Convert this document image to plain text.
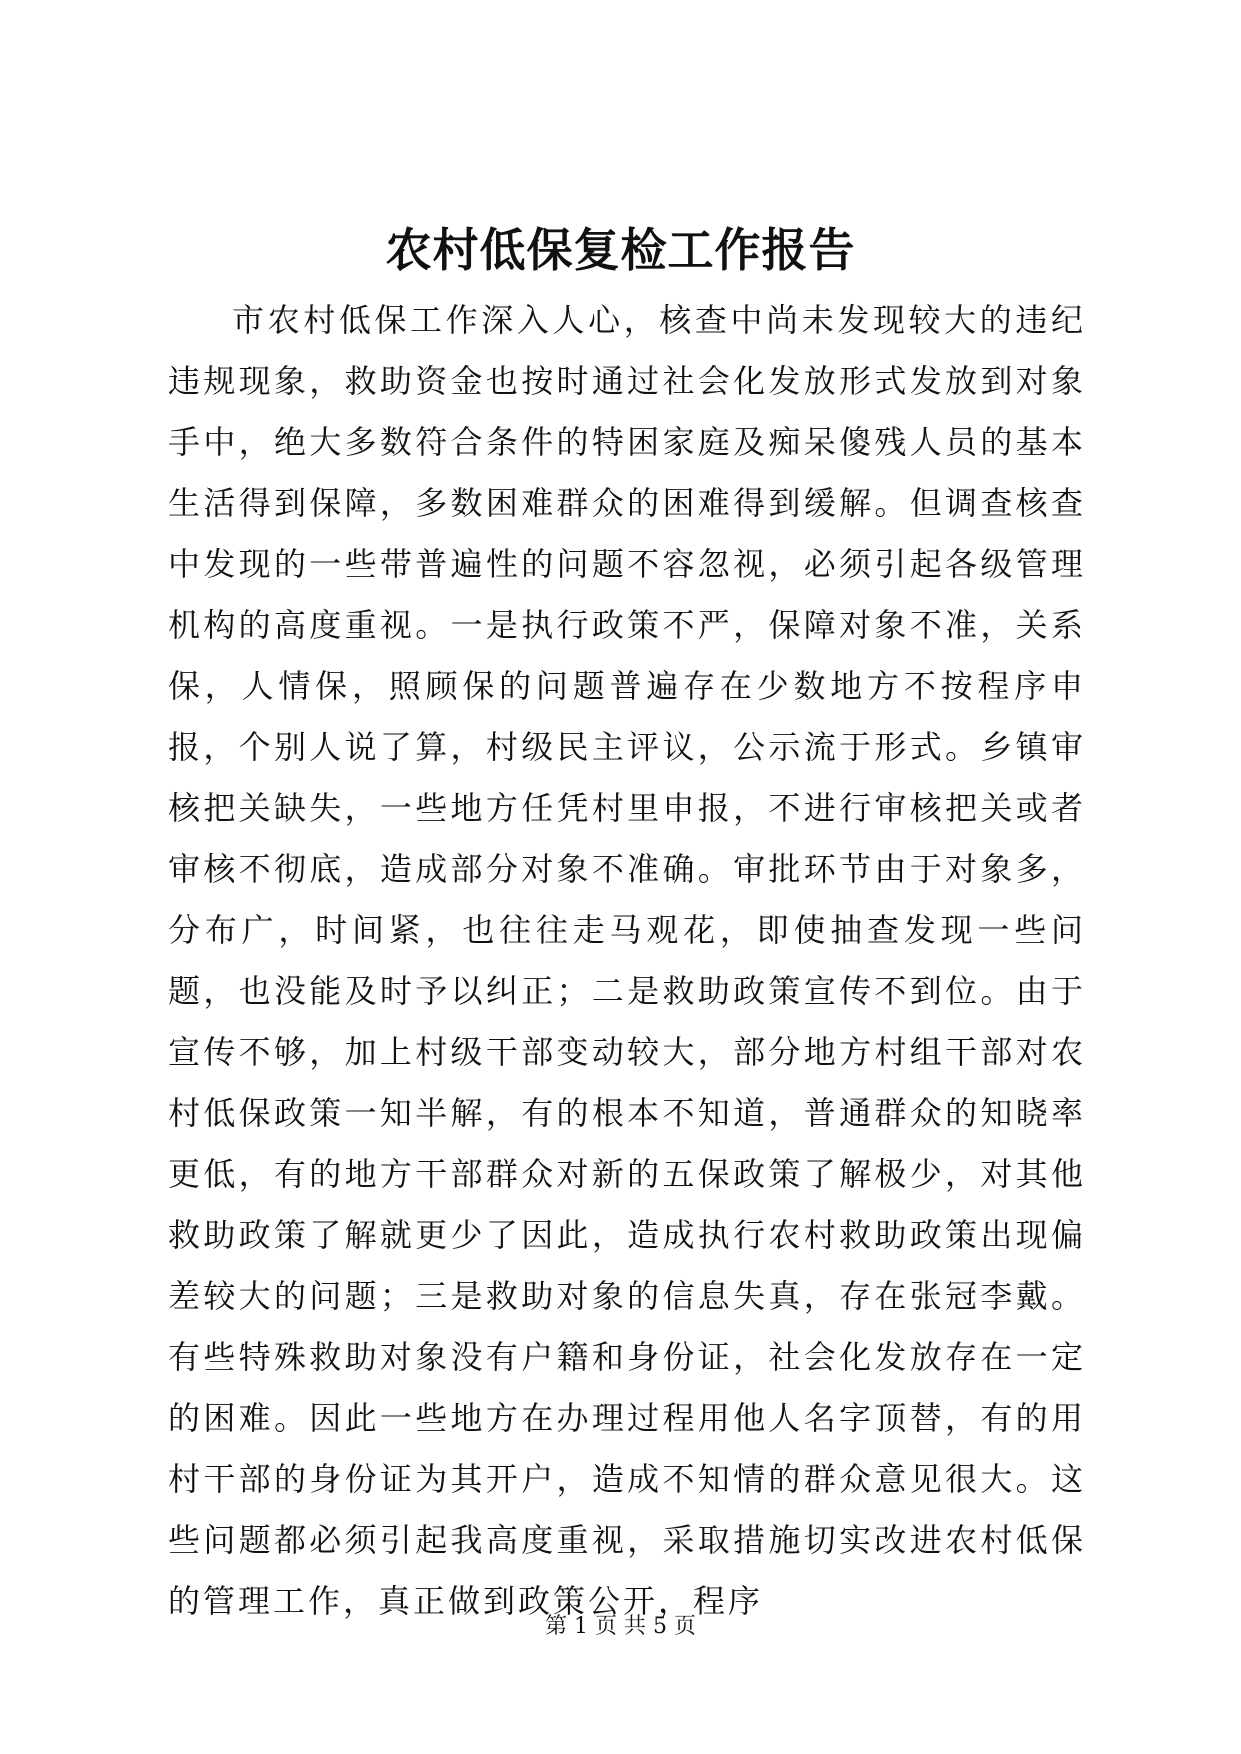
农村低保复检工作报告

市农村低保工作深入人心，核查中尚未发现较大的违纪违规现象，救助资金也按时通过社会化发放形式发放到对象手中，绝大多数符合条件的特困家庭及痴呆傻残人员的基本生活得到保障，多数困难群众的困难得到缓解。但调查核查中发现的一些带普遍性的问题不容忽视，必须引起各级管理机构的高度重视。一是执行政策不严，保障对象不准，关系保，人情保，照顾保的问题普遍存在少数地方不按程序申报，个别人说了算，村级民主评议，公示流于形式。乡镇审核把关缺失，一些地方任凭村里申报，不进行审核把关或者审核不彻底，造成部分对象不准确。审批环节由于对象多，分布广，时间紧，也往往走马观花，即使抽查发现一些问题，也没能及时予以纠正；二是救助政策宣传不到位。由于宣传不够，加上村级干部变动较大，部分地方村组干部对农村低保政策一知半解，有的根本不知道，普通群众的知晓率更低，有的地方干部群众对新的五保政策了解极少，对其他救助政策了解就更少了因此，造成执行农村救助政策出现偏差较大的问题；三是救助对象的信息失真，存在张冠李戴。有些特殊救助对象没有户籍和身份证，社会化发放存在一定的困难。因此一些地方在办理过程用他人名字顶替，有的用村干部的身份证为其开户，造成不知情的群众意见很大。这些问题都必须引起我高度重视，采取措施切实改进农村低保的管理工作，真正做到政策公开，程序

第 1 页 共 5 页
